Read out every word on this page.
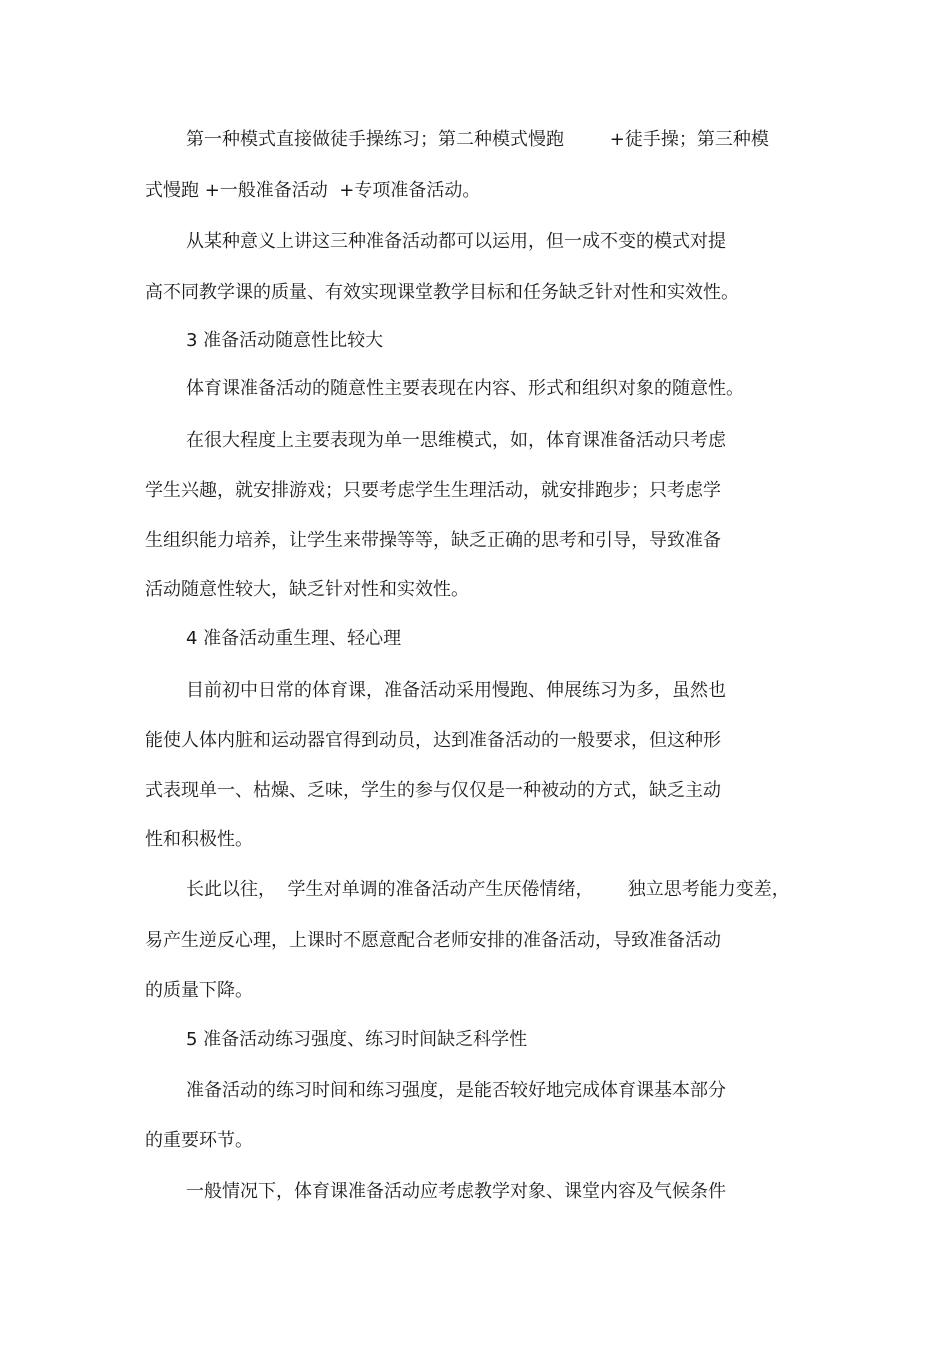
第一种模式直接做徒手操练习；第二种模式慢跑        +徒手操；第三种模

式慢跑 +一般准备活动  +专项准备活动。

从某种意义上讲这三种准备活动都可以运用，但一成不变的模式对提

高不同教学课的质量、有效实现课堂教学目标和任务缺乏针对性和实效性。

3 准备活动随意性比较大

体育课准备活动的随意性主要表现在内容、形式和组织对象的随意性。

在很大程度上主要表现为单一思维模式，如，体育课准备活动只考虑

学生兴趣，就安排游戏；只要考虑学生生理活动，就安排跑步；只考虑学

生组织能力培养，让学生来带操等等，缺乏正确的思考和引导，导致准备

活动随意性较大，缺乏针对性和实效性。

4 准备活动重生理、轻心理

目前初中日常的体育课，准备活动采用慢跑、伸展练习为多，虽然也

能使人体内脏和运动器官得到动员，达到准备活动的一般要求，但这种形

式表现单一、枯燥、乏味，学生的参与仅仅是一种被动的方式，缺乏主动

性和积极性。

长此以往，  学生对单调的准备活动产生厌倦情绪，      独立思考能力变差，

易产生逆反心理，上课时不愿意配合老师安排的准备活动，导致准备活动

的质量下降。

5 准备活动练习强度、练习时间缺乏科学性

准备活动的练习时间和练习强度，是能否较好地完成体育课基本部分

的重要环节。

一般情况下，体育课准备活动应考虑教学对象、课堂内容及气候条件
